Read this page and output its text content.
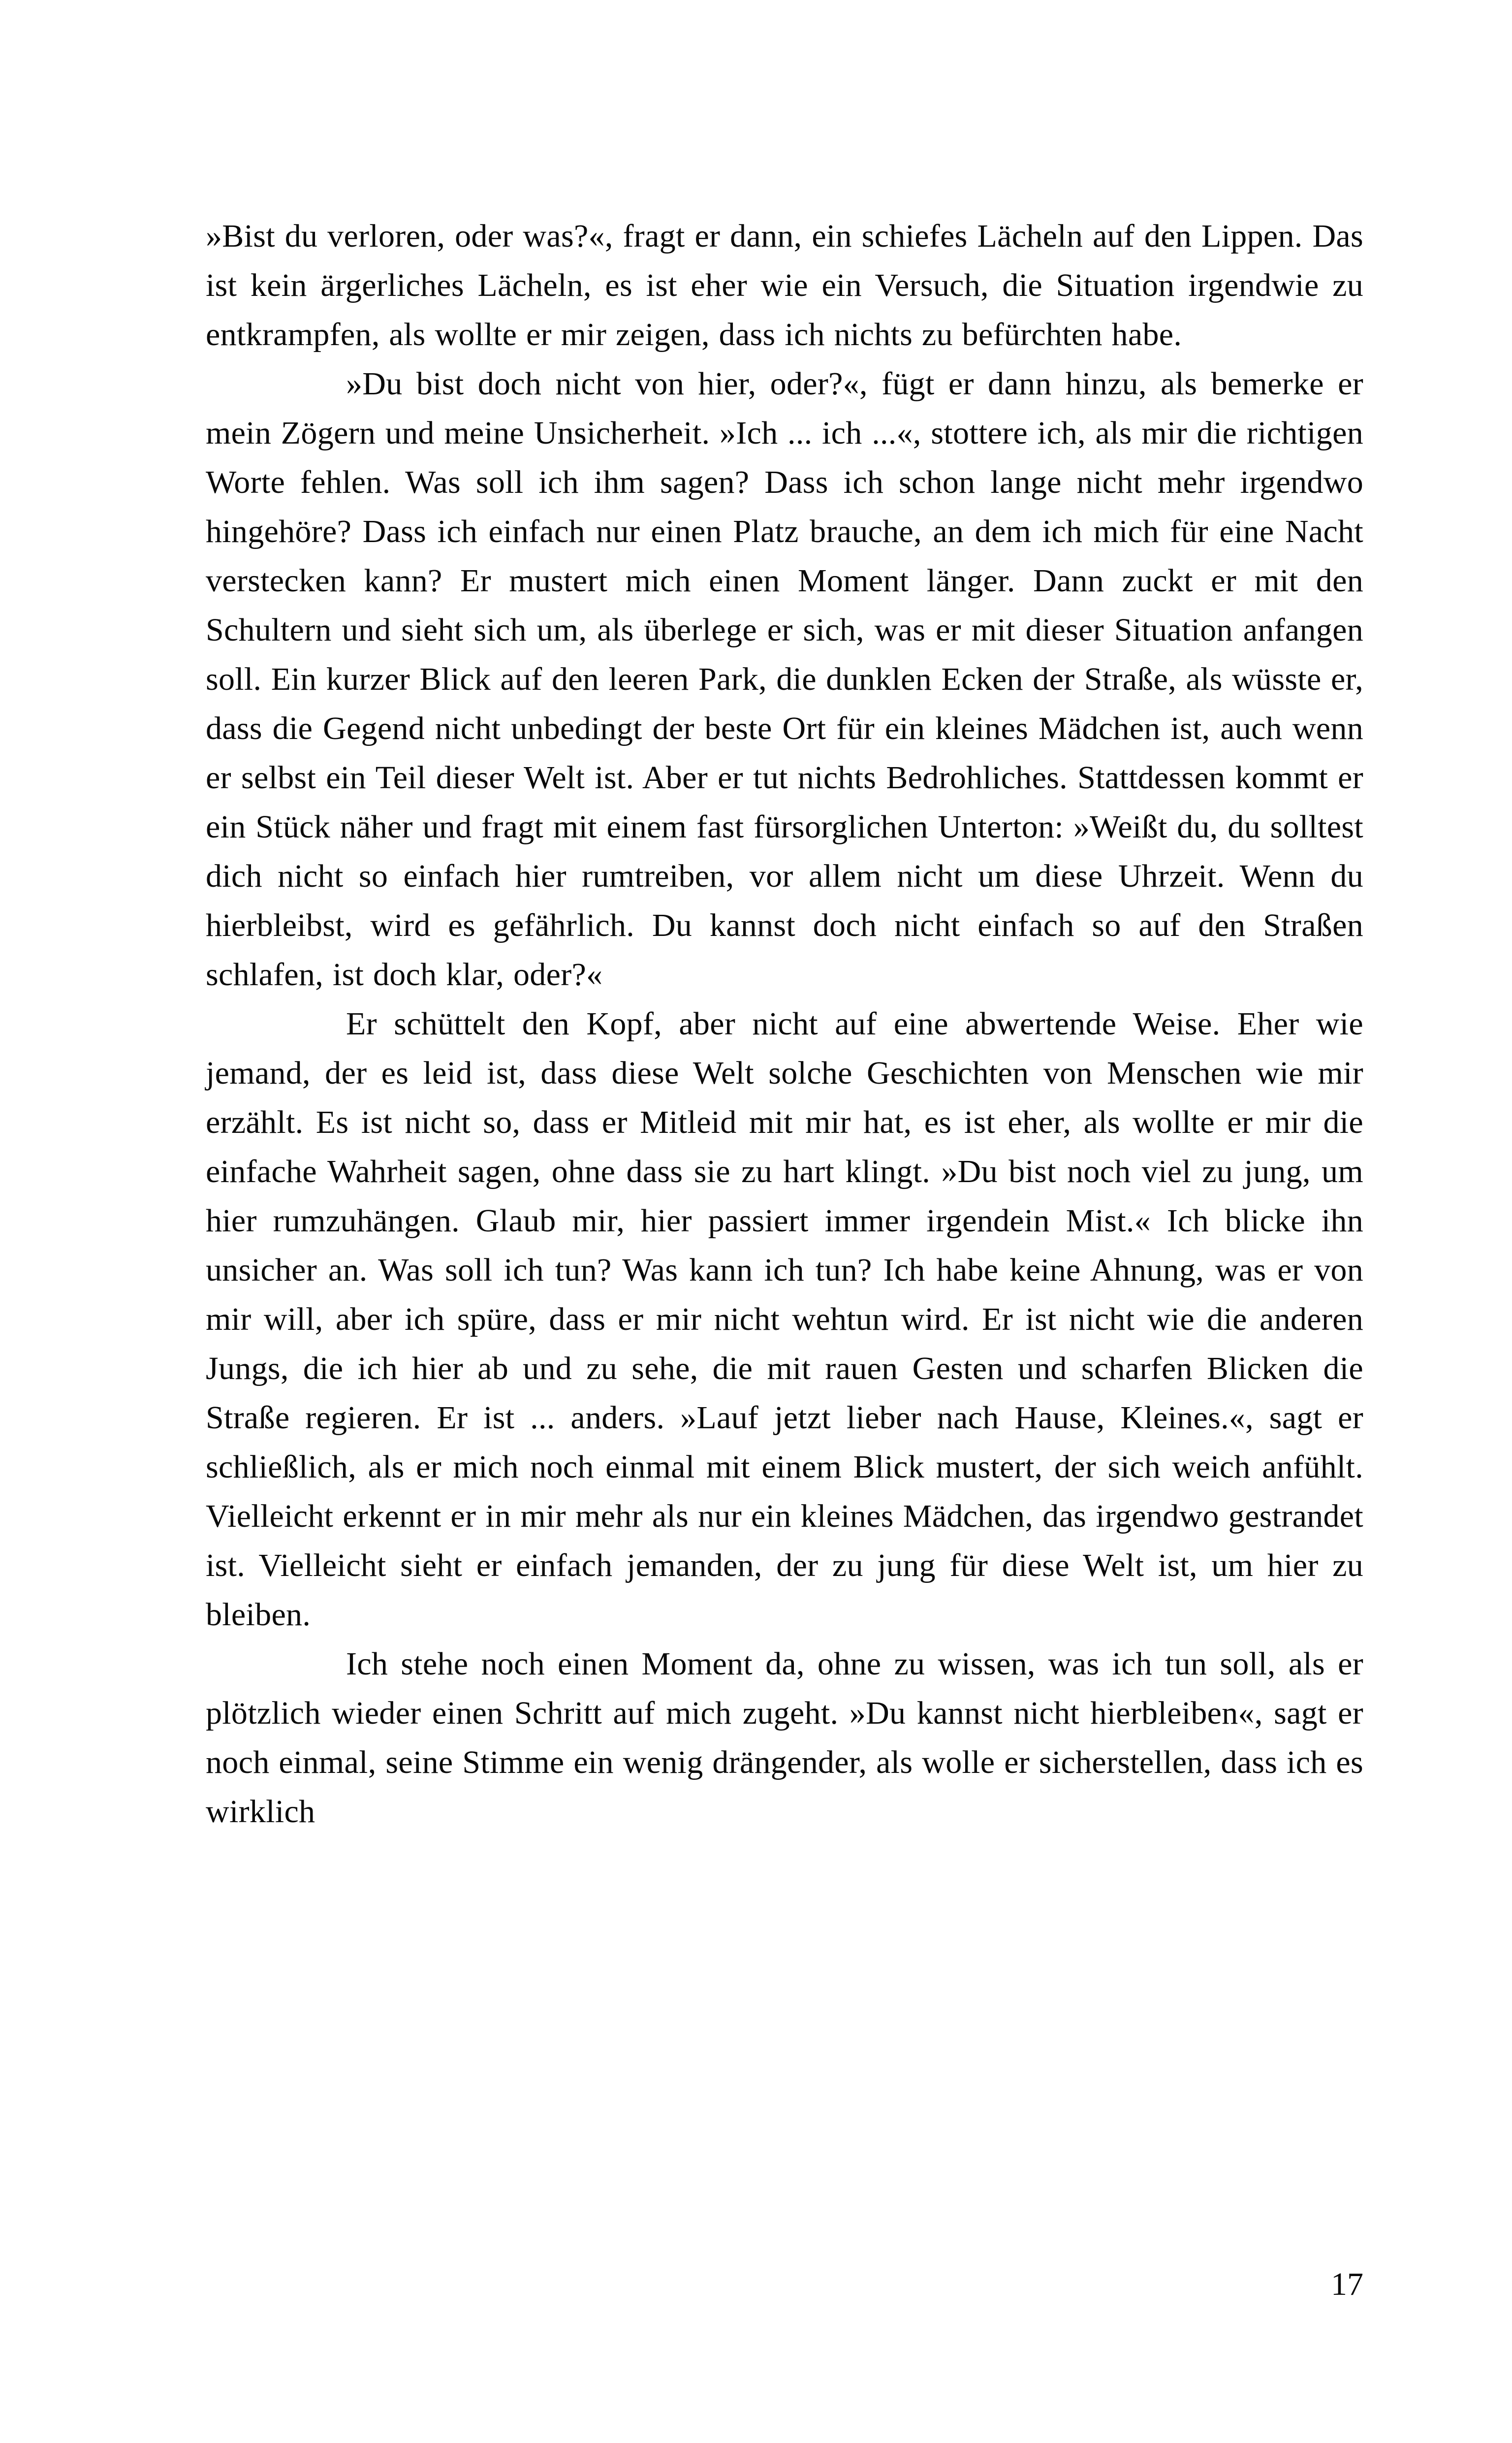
»Bist du verloren, oder was?«, fragt er dann, ein schiefes Lächeln auf den Lippen. Das ist kein ärgerliches Lächeln, es ist eher wie ein Versuch, die Situation irgendwie zu entkrampfen, als wollte er mir zeigen, dass ich nichts zu befürchten habe.

»Du bist doch nicht von hier, oder?«, fügt er dann hinzu, als bemerke er mein Zögern und meine Unsicherheit. »Ich ... ich ...«, stottere ich, als mir die richtigen Worte fehlen. Was soll ich ihm sagen? Dass ich schon lange nicht mehr irgendwo hingehöre? Dass ich einfach nur einen Platz brauche, an dem ich mich für eine Nacht verstecken kann? Er mustert mich einen Moment länger. Dann zuckt er mit den Schultern und sieht sich um, als überlege er sich, was er mit dieser Situation anfangen soll. Ein kurzer Blick auf den leeren Park, die dunklen Ecken der Straße, als wüsste er, dass die Gegend nicht unbedingt der beste Ort für ein kleines Mädchen ist, auch wenn er selbst ein Teil dieser Welt ist. Aber er tut nichts Bedrohliches. Stattdessen kommt er ein Stück näher und fragt mit einem fast fürsorglichen Unterton: »Weißt du, du solltest dich nicht so einfach hier rumtreiben, vor allem nicht um diese Uhrzeit. Wenn du hierbleibst, wird es gefährlich. Du kannst doch nicht einfach so auf den Straßen schlafen, ist doch klar, oder?«

Er schüttelt den Kopf, aber nicht auf eine abwertende Weise. Eher wie jemand, der es leid ist, dass diese Welt solche Geschichten von Menschen wie mir erzählt. Es ist nicht so, dass er Mitleid mit mir hat, es ist eher, als wollte er mir die einfache Wahrheit sagen, ohne dass sie zu hart klingt. »Du bist noch viel zu jung, um hier rumzuhängen. Glaub mir, hier passiert immer irgendein Mist.« Ich blicke ihn unsicher an. Was soll ich tun? Was kann ich tun? Ich habe keine Ahnung, was er von mir will, aber ich spüre, dass er mir nicht wehtun wird. Er ist nicht wie die anderen Jungs, die ich hier ab und zu sehe, die mit rauen Gesten und scharfen Blicken die Straße regieren. Er ist ... anders. »Lauf jetzt lieber nach Hause, Kleines.«, sagt er schließlich, als er mich noch einmal mit einem Blick mustert, der sich weich anfühlt. Vielleicht erkennt er in mir mehr als nur ein kleines Mädchen, das irgendwo gestrandet ist. Vielleicht sieht er einfach jemanden, der zu jung für diese Welt ist, um hier zu bleiben.

Ich stehe noch einen Moment da, ohne zu wissen, was ich tun soll, als er plötzlich wieder einen Schritt auf mich zugeht. »Du kannst nicht hierbleiben«, sagt er noch einmal, seine Stimme ein wenig drängender, als wolle er sicherstellen, dass ich es wirklich

17
